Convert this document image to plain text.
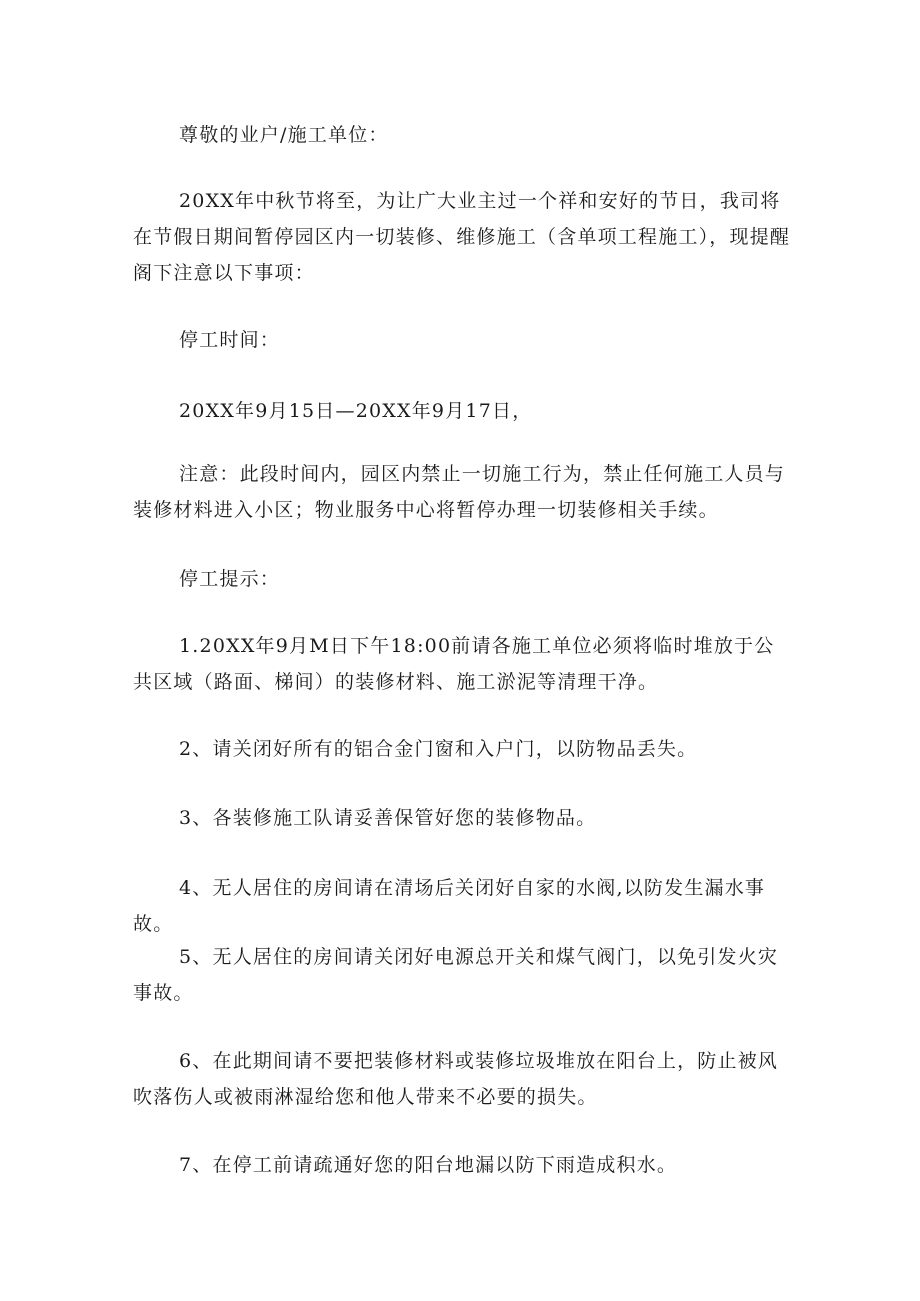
尊敬的业户/施工单位：

20XX年中秋节将至，为让广大业主过一个祥和安好的节日，我司将在节假日期间暂停园区内一切装修、维修施工（含单项工程施工），现提醒阁下注意以下事项：

停工时间：

20XX年9月15日—20XX年9月17日，

注意：此段时间内，园区内禁止一切施工行为，禁止任何施工人员与装修材料进入小区；物业服务中心将暂停办理一切装修相关手续。

停工提示：

1.20XX年9月M日下午18:00前请各施工单位必须将临时堆放于公共区域（路面、梯间）的装修材料、施工淤泥等清理干净。

2、请关闭好所有的铝合金门窗和入户门，以防物品丢失。

3、各装修施工队请妥善保管好您的装修物品。

4、无人居住的房间请在清场后关闭好自家的水阀,以防发生漏水事故。

5、无人居住的房间请关闭好电源总开关和煤气阀门，以免引发火灾事故。

6、在此期间请不要把装修材料或装修垃圾堆放在阳台上，防止被风吹落伤人或被雨淋湿给您和他人带来不必要的损失。

7、在停工前请疏通好您的阳台地漏以防下雨造成积水。
